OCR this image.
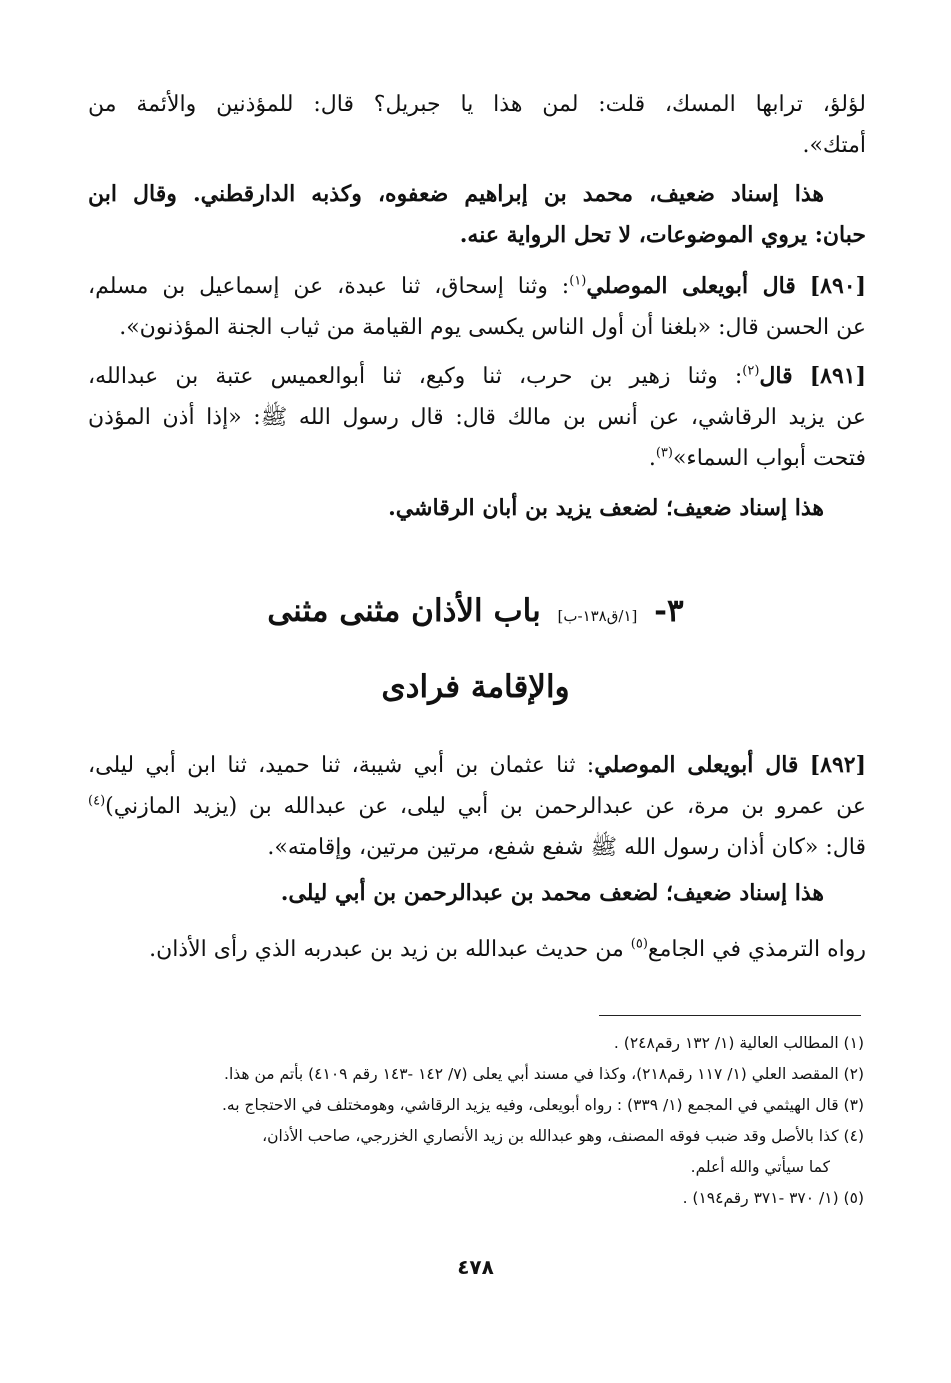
لؤلؤ، ترابها المسك، قلت: لمن هذا يا جبريل؟ قال: للمؤذنين والأئمة من
أمتك».
هذا إسناد ضعيف، محمد بن إبراهيم ضعفوه، وكذبه الدارقطني. وقال ابن
حبان: يروي الموضوعات، لا تحل الرواية عنه.
[٨٩٠] قال أبويعلى الموصلي$^{(١)}$: وثنا إسحاق، ثنا عبدة، عن إسماعيل بن مسلم،
عن الحسن قال: «بلغنا أن أول الناس يكسى يوم القيامة من ثياب الجنة المؤذنون».
[٨٩١] قال$^{(٢)}$: وثنا زهير بن حرب، ثنا وكيع، ثنا أبوالعميس عتبة بن عبدالله،
عن يزيد الرقاشي، عن أنس بن مالك قال: قال رسول الله ﷺ: «إذا أذن المؤذن
فتحت أبواب السماء»$^{(٣)}$.
هذا إسناد ضعيف؛ لضعف يزيد بن أبان الرقاشي.
٣- [١/ق١٣٨-ب] باب الأذان مثنى مثنى
والإقامة فرادى
[٨٩٢] قال أبويعلى الموصلي: ثنا عثمان بن أبي شيبة، ثنا حميد، ثنا ابن أبي ليلى،
عن عمرو بن مرة، عن عبدالرحمن بن أبي ليلى، عن عبدالله بن (يزيد المازني)$^{(٤)}$
قال: «كان أذان رسول الله ﷺ شفع شفع، مرتين مرتين، وإقامته».
هذا إسناد ضعيف؛ لضعف محمد بن عبدالرحمن بن أبي ليلى.
رواه الترمذي في الجامع$^{(٥)}$ من حديث عبدالله بن زيد بن عبدربه الذي رأى الأذان.
(١) المطالب العالية (١/ ١٣٢ رقم٢٤٨) .
(٢) المقصد العلي (١/ ١١٧ رقم٢١٨)، وكذا في مسند أبي يعلى (٧/ ١٤٢ -١٤٣ رقم ٤١٠٩) بأتم من هذا.
(٣) قال الهيثمي في المجمع (١/ ٣٣٩) : رواه أبويعلى، وفيه يزيد الرقاشي، وهومختلف في الاحتجاج به.
(٤) كذا بالأصل وقد ضبب فوقه المصنف، وهو عبدالله بن زيد الأنصاري الخزرجي، صاحب الأذان،
كما سيأتي والله أعلم.
(٥) (١/ ٣٧٠ -٣٧١ رقم١٩٤) .
٤٧٨
